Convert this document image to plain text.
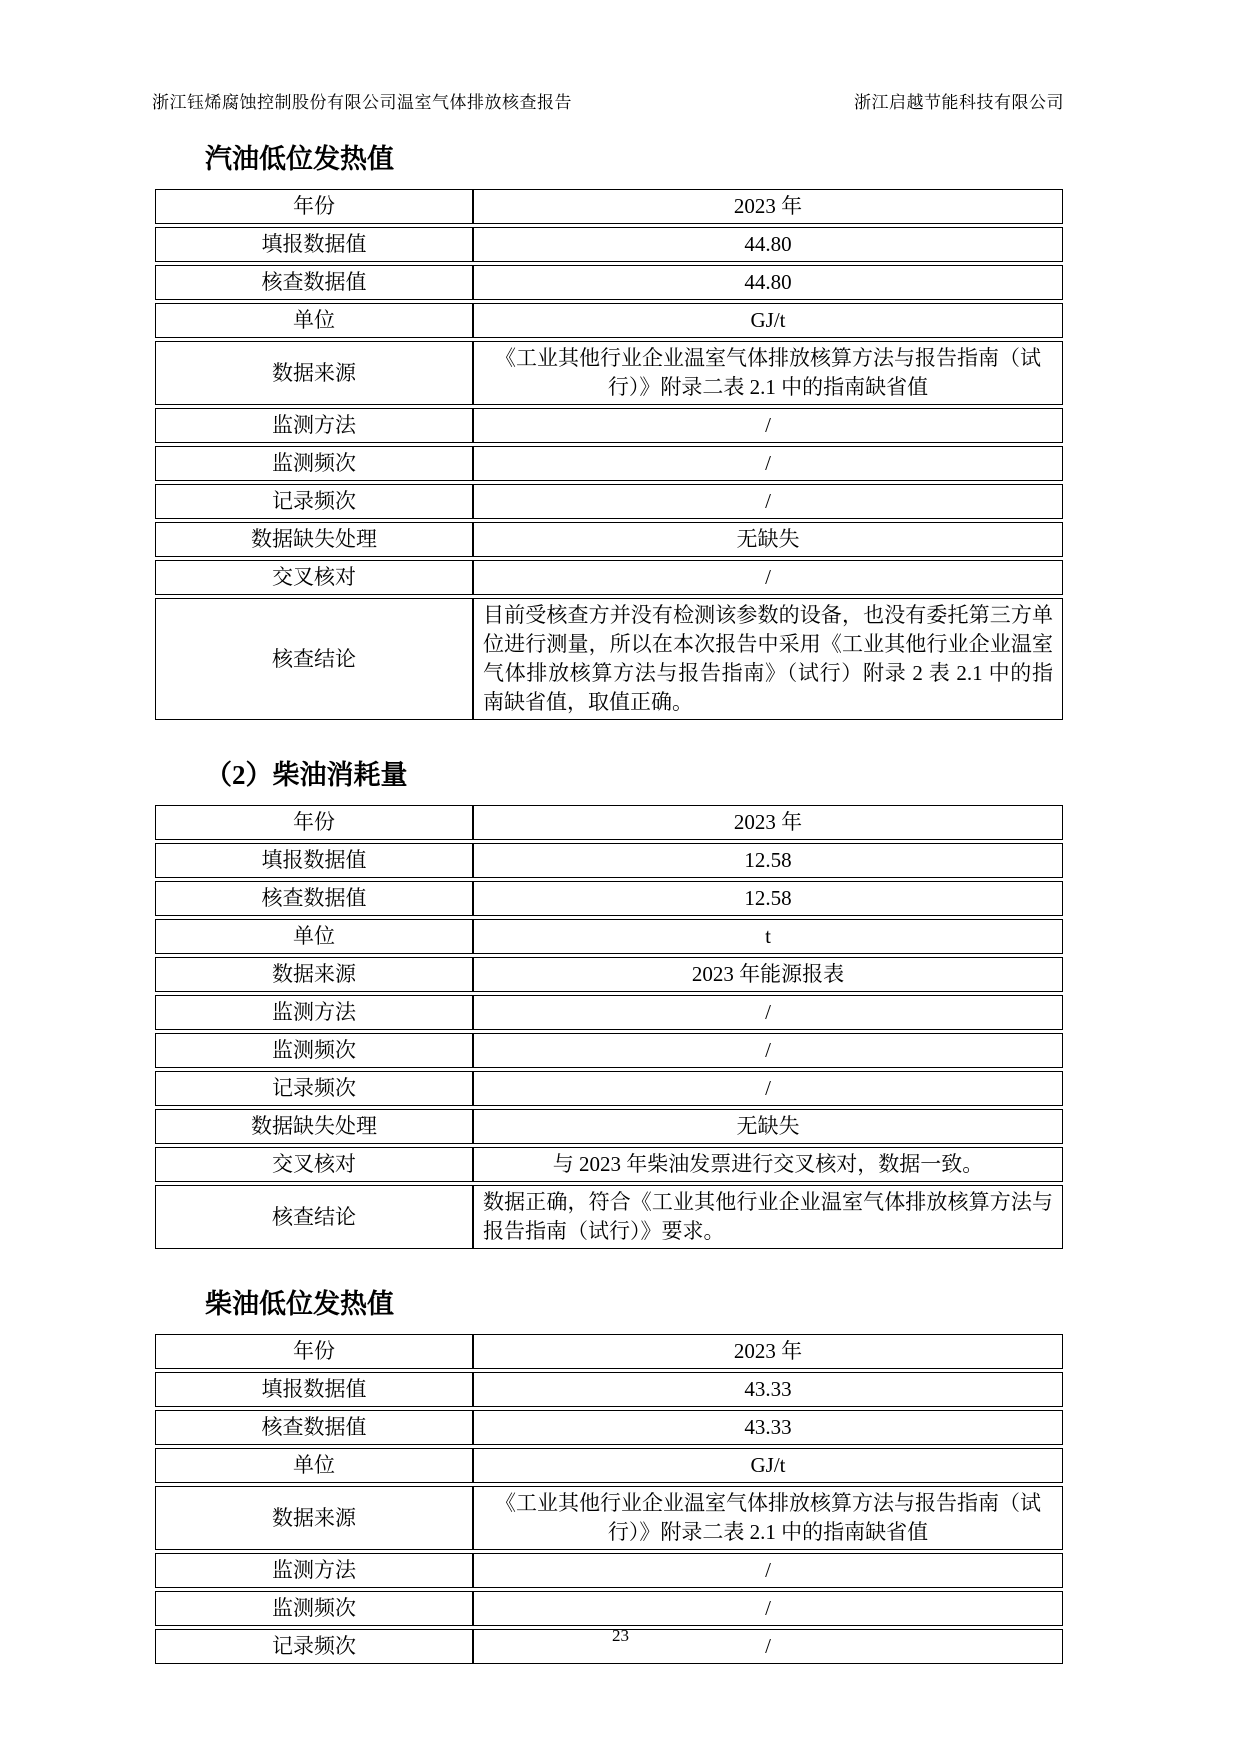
浙江钰烯腐蚀控制股份有限公司温室气体排放核查报告	浙江启越节能科技有限公司
汽油低位发热值
年份	2023 年
填报数据值	44.80
核查数据值	44.80
单位	GJ/t
数据来源	《工业其他行业企业温室气体排放核算方法与报告指南（试行）》附录二表 2.1 中的指南缺省值
监测方法	/
监测频次	/
记录频次	/
数据缺失处理	无缺失
交叉核对	/
核查结论	目前受核查方并没有检测该参数的设备，也没有委托第三方单位进行测量，所以在本次报告中采用《工业其他行业企业温室气体排放核算方法与报告指南》（试行）附录 2 表 2.1 中的指南缺省值，取值正确。
（2）柴油消耗量
年份	2023 年
填报数据值	12.58
核查数据值	12.58
单位	t
数据来源	2023 年能源报表
监测方法	/
监测频次	/
记录频次	/
数据缺失处理	无缺失
交叉核对	与 2023 年柴油发票进行交叉核对，数据一致。
核查结论	数据正确，符合《工业其他行业企业温室气体排放核算方法与报告指南（试行）》要求。
柴油低位发热值
年份	2023 年
填报数据值	43.33
核查数据值	43.33
单位	GJ/t
数据来源	《工业其他行业企业温室气体排放核算方法与报告指南（试行）》附录二表 2.1 中的指南缺省值
监测方法	/
监测频次	/
记录频次	/
23
